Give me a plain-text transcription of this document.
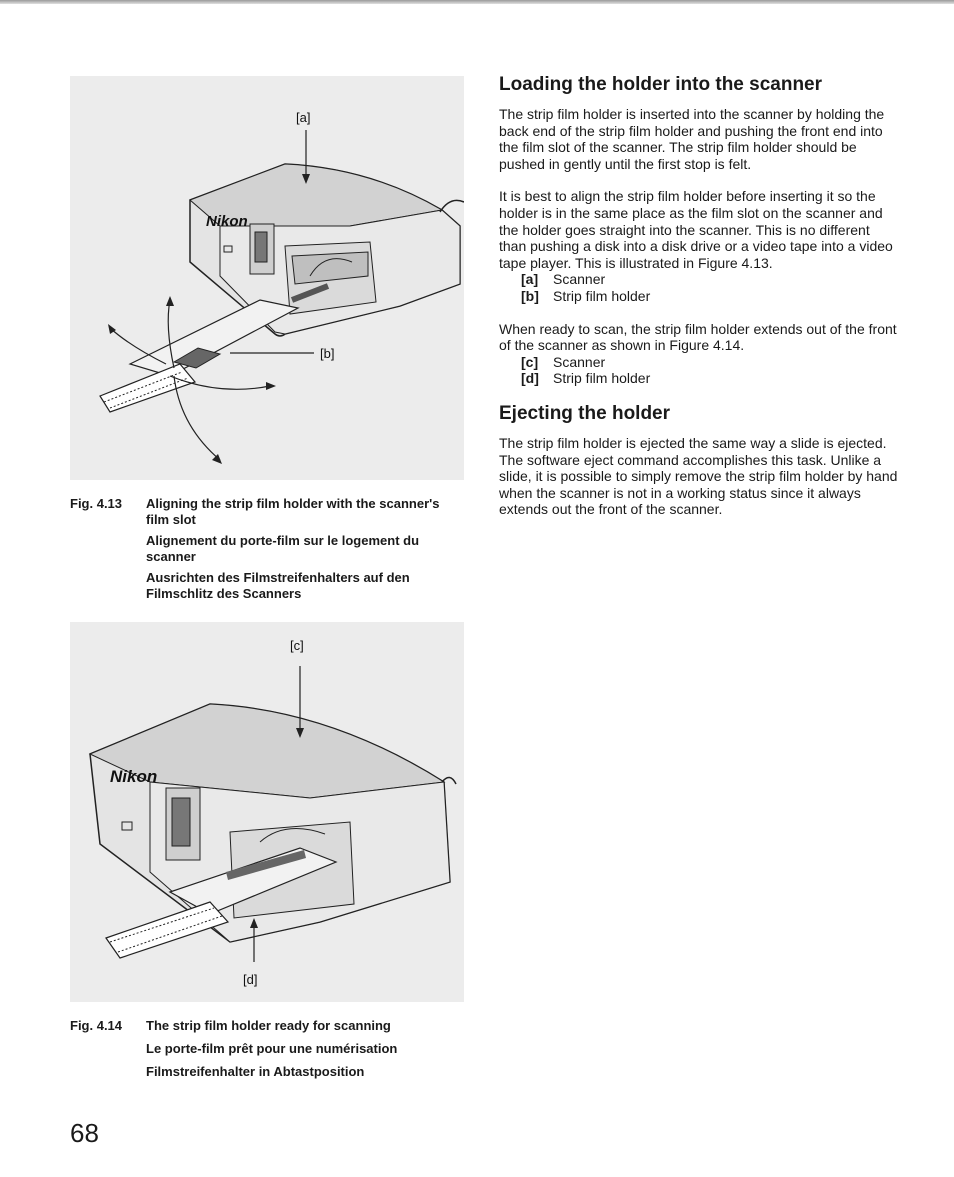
Nikon
[a]
[b]
Fig. 4.13	Aligning the strip film holder with the scanner's film slot

Alignement du porte-film sur le logement du scanner

Ausrichten des Filmstreifenhalters auf den Filmschlitz des Scanners

Nikon
[c]
[d]
Fig. 4.14	The strip film holder ready for scanning

Le porte-film prêt pour une numérisation

Filmstreifenhalter in Abtastposition

Loading the holder into the scanner

The strip film holder is inserted into the scanner by holding the back end of the strip film holder and pushing the front end into the film slot of the scanner. The strip film holder should be pushed in gently until the first stop is felt.

It is best to align the strip film holder before inserting it so the holder is in the same place as the film slot on the scanner and the holder goes straight into the scanner. This is no different than pushing a disk into a disk drive or a video tape into a video tape player. This is illustrated in Figure 4.13.

[a] Scanner
[b] Strip film holder

When ready to scan, the strip film holder extends out of the front of the scanner as shown in Figure 4.14.

[c] Scanner
[d] Strip film holder
Ejecting the holder

The strip film holder is ejected the same way a slide is ejected.

The software eject command accomplishes this task. Unlike a slide, it is possible to simply remove the strip film holder by hand when the scanner is not in a working status since it always extends out the front of the scanner.

68
